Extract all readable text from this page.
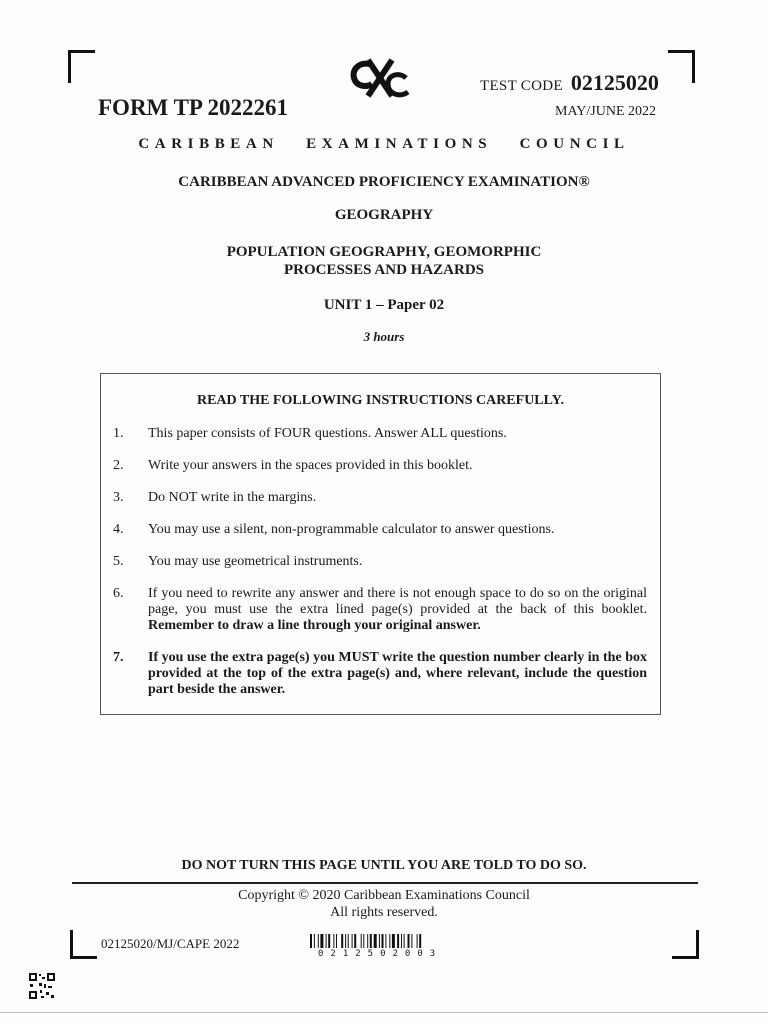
TEST CODE 02125020
MAY/JUNE 2022
FORM TP 2022261
CARIBBEAN EXAMINATIONS COUNCIL
CARIBBEAN ADVANCED PROFICIENCY EXAMINATION®
GEOGRAPHY
POPULATION GEOGRAPHY, GEOMORPHIC
PROCESSES AND HAZARDS
UNIT 1 – Paper 02
3 hours
READ THE FOLLOWING INSTRUCTIONS CAREFULLY.
1. This paper consists of FOUR questions. Answer ALL questions.
2. Write your answers in the spaces provided in this booklet.
3. Do NOT write in the margins.
4. You may use a silent, non-programmable calculator to answer questions.
5. You may use geometrical instruments.
6. If you need to rewrite any answer and there is not enough space to do so on the original page, you must use the extra lined page(s) provided at the back of this booklet. Remember to draw a line through your original answer.
7. If you use the extra page(s) you MUST write the question number clearly in the box provided at the top of the extra page(s) and, where relevant, include the question part beside the answer.
DO NOT TURN THIS PAGE UNTIL YOU ARE TOLD TO DO SO.
Copyright © 2020 Caribbean Examinations Council
All rights reserved.
02125020/MJ/CAPE 2022
0212502003
